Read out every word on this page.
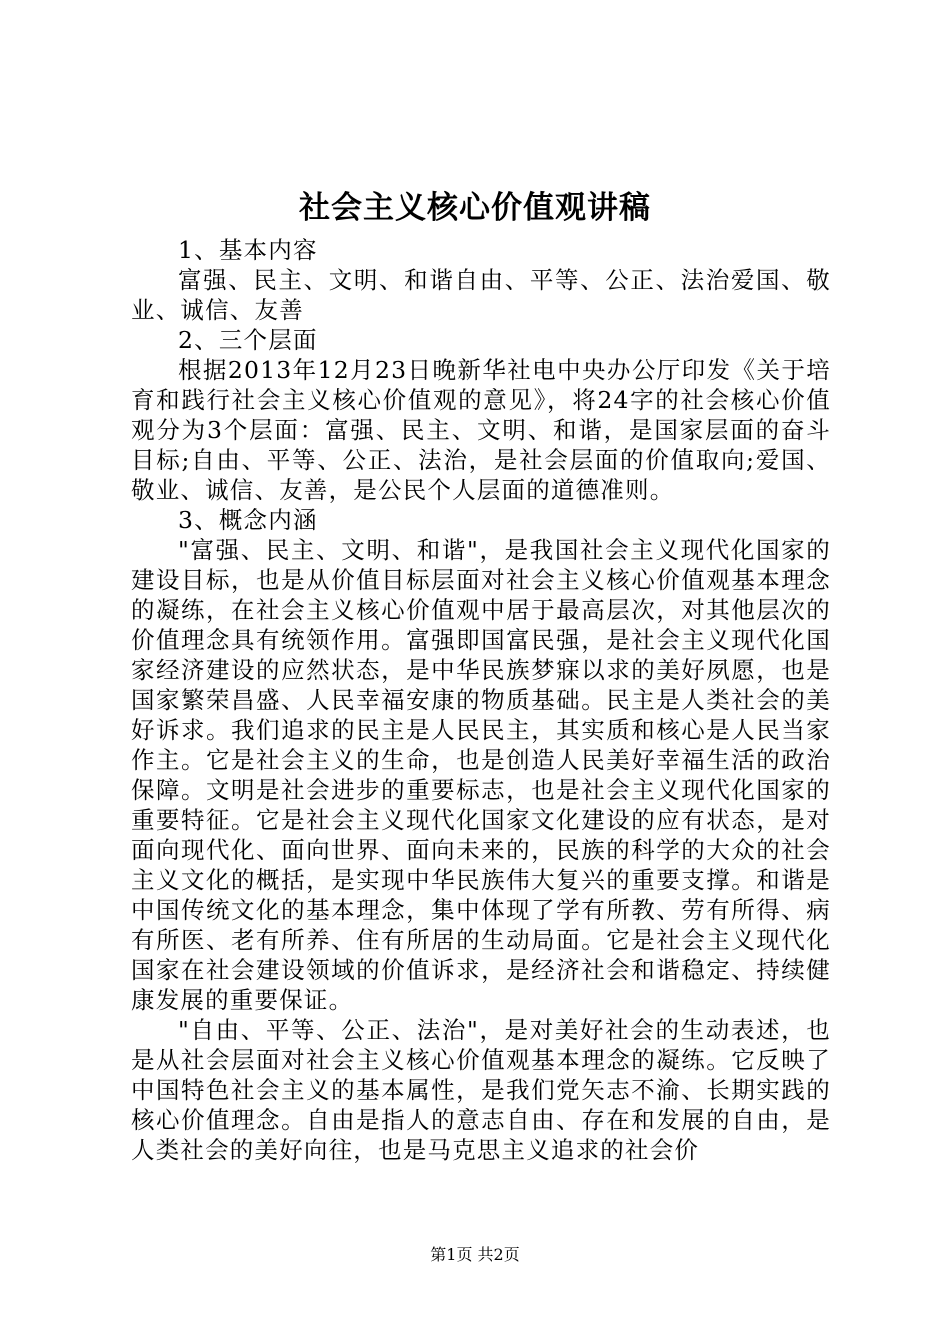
社会主义核心价值观讲稿

1、基本内容

富强、民主、文明、和谐自由、平等、公正、法治爱国、敬业、诚信、友善

2、三个层面

根据2013年12月23日晚新华社电中央办公厅印发《关于培育和践行社会主义核心价值观的意见》，将24字的社会核心价值观分为3个层面：富强、民主、文明、和谐，是国家层面的奋斗目标;自由、平等、公正、法治，是社会层面的价值取向;爱国、敬业、诚信、友善，是公民个人层面的道德准则。

3、概念内涵

"富强、民主、文明、和谐"，是我国社会主义现代化国家的建设目标，也是从价值目标层面对社会主义核心价值观基本理念的凝练，在社会主义核心价值观中居于最高层次，对其他层次的价值理念具有统领作用。富强即国富民强，是社会主义现代化国家经济建设的应然状态，是中华民族梦寐以求的美好夙愿，也是国家繁荣昌盛、人民幸福安康的物质基础。民主是人类社会的美好诉求。我们追求的民主是人民民主，其实质和核心是人民当家作主。它是社会主义的生命，也是创造人民美好幸福生活的政治保障。文明是社会进步的重要标志，也是社会主义现代化国家的重要特征。它是社会主义现代化国家文化建设的应有状态，是对面向现代化、面向世界、面向未来的，民族的科学的大众的社会主义文化的概括，是实现中华民族伟大复兴的重要支撑。和谐是中国传统文化的基本理念，集中体现了学有所教、劳有所得、病有所医、老有所养、住有所居的生动局面。它是社会主义现代化国家在社会建设领域的价值诉求，是经济社会和谐稳定、持续健康发展的重要保证。

"自由、平等、公正、法治"，是对美好社会的生动表述，也是从社会层面对社会主义核心价值观基本理念的凝练。它反映了中国特色社会主义的基本属性，是我们党矢志不渝、长期实践的核心价值理念。自由是指人的意志自由、存在和发展的自由，是人类社会的美好向往，也是马克思主义追求的社会价

第1页 共2页
